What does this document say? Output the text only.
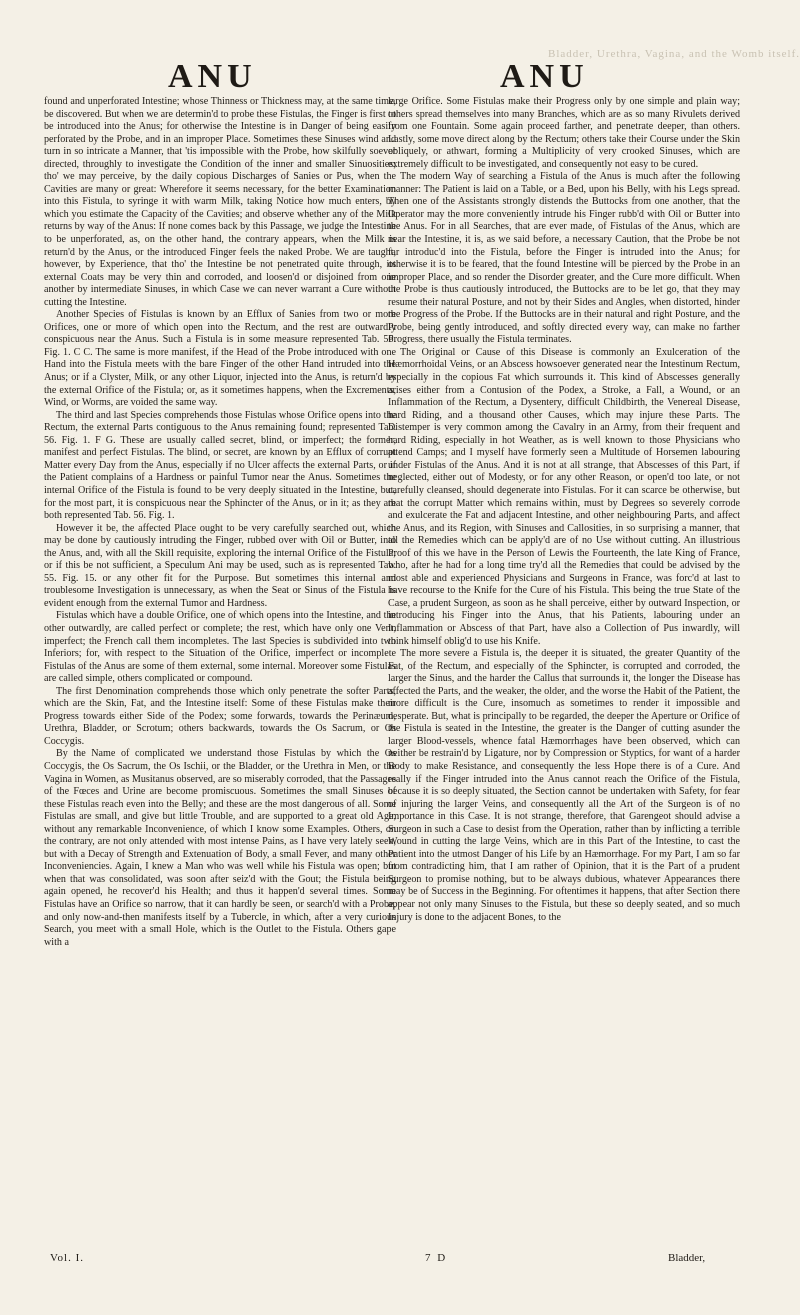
Bladder, Urethra, Vagina, and the Womb itself.
ANU	ANU

found and unperforated Intestine; whose Thinness or Thickness may, at the same time, be discovered. But when we are determin'd to probe these Fistulas, the Finger is first to be introduced into the Anus; for otherwise the Intestine is in Danger of being easily perforated by the Probe, and in an improper Place. Sometimes these Sinuses wind and turn in so intricate a Manner, that 'tis impossible with the Probe, how skilfully soever directed, throughly to investigate the Condition of the inner and smaller Sinuosities; tho' we may perceive, by the daily copious Discharges of Sanies or Pus, when the Cavities are many or great: Wherefore it seems necessary, for the better Examination into this Fistula, to syringe it with warm Milk, taking Notice how much enters, by which you estimate the Capacity of the Cavities; and observe whether any of the Milk returns by way of the Anus: If none comes back by this Passage, we judge the Intestine to be unperforated, as, on the other hand, the contrary appears, when the Milk is return'd by the Anus, or the introduced Finger feels the naked Probe. We are taught, however, by Experience, that tho' the Intestine be not penetrated quite through, its external Coats may be very thin and corroded, and loosen'd or disjoined from one another by intermediate Sinuses, in which Case we can never warrant a Cure without cutting the Intestine.

Another Species of Fistulas is known by an Efflux of Sanies from two or more Orifices, one or more of which open into the Rectum, and the rest are outwardly conspicuous near the Anus. Such a Fistula is in some measure represented Tab. 56. Fig. 1. C C. The same is more manifest, if the Head of the Probe introduced with one Hand into the Fistula meets with the bare Finger of the other Hand intruded into the Anus; or if a Clyster, Milk, or any other Liquor, injected into the Anus, is return'd by the external Orifice of the Fistula; or, as it sometimes happens, when the Excrements, Wind, or Worms, are voided the same way.

The third and last Species comprehends those Fistulas whose Orifice opens into the Rectum, the external Parts contiguous to the Anus remaining found; represented Tab. 56. Fig. 1. F G. These are usually called secret, blind, or imperfect; the former, manifest and perfect Fistulas. The blind, or secret, are known by an Efflux of corrupt Matter every Day from the Anus, especially if no Ulcer affects the external Parts, or if the Patient complains of a Hardness or painful Tumor near the Anus. Sometimes the internal Orifice of the Fistula is found to be very deeply situated in the Intestine, but, for the most part, it is conspicuous near the Sphincter of the Anus, or in it; as they are both represented Tab. 56. Fig. 1.

However it be, the affected Place ought to be very carefully searched out, which may be done by cautiously intruding the Finger, rubbed over with Oil or Butter, into the Anus, and, with all the Skill requisite, exploring the internal Orifice of the Fistula; or if this be not sufficient, a Speculum Ani may be used, such as is represented Tab. 55. Fig. 15. or any other fit for the Purpose. But sometimes this internal and troublesome Investigation is unnecessary, as when the Seat or Sinus of the Fistula is evident enough from the external Tumor and Hardness.

Fistulas which have a double Orifice, one of which opens into the Intestine, and the other outwardly, are called perfect or complete; the rest, which have only one Vent, imperfect; the French call them incompletes. The last Species is subdivided into two Inferiors; for, with respect to the Situation of the Orifice, imperfect or incomplete Fistulas of the Anus are some of them external, some internal. Moreover some Fistulas are called simple, others complicated or compound.

The first Denomination comprehends those which only penetrate the softer Parts, which are the Skin, Fat, and the Intestine itself: Some of these Fistulas make their Progress towards either Side of the Podex; some forwards, towards the Perinæum, Urethra, Bladder, or Scrotum; others backwards, towards the Os Sacrum, or Os Coccygis.

By the Name of complicated we understand those Fistulas by which the Os Coccygis, the Os Sacrum, the Os Ischii, or the Bladder, or the Urethra in Men, or the Vagina in Women, as Musitanus observed, are so miserably corroded, that the Passages of the Fœces and Urine are become promiscuous. Sometimes the small Sinuses of these Fistulas reach even into the Belly; and these are the most dangerous of all. Some Fistulas are small, and give but little Trouble, and are supported to a great old Age, without any remarkable Inconvenience, of which I know some Examples. Others, on the contrary, are not only attended with most intense Pains, as I have very lately seen, but with a Decay of Strength and Extenuation of Body, a small Fever, and many other Inconveniencies. Again, I knew a Man who was well while his Fistula was open; but when that was consolidated, was soon after seiz'd with the Gout; the Fistula being again opened, he recover'd his Health; and thus it happen'd several times. Some Fistulas have an Orifice so narrow, that it can hardly be seen, or search'd with a Probe, and only now-and-then manifests itself by a Tubercle, in which, after a very curious Search, you meet with a small Hole, which is the Outlet to the Fistula. Others gape with a

large Orifice. Some Fistulas make their Progress only by one simple and plain way; others spread themselves into many Branches, which are as so many Rivulets derived from one Fountain. Some again proceed farther, and penetrate deeper, than others. Lastly, some move direct along by the Rectum; others take their Course under the Skin obliquely, or athwart, forming a Multiplicity of very crooked Sinuses, which are extremely difficult to be investigated, and consequently not easy to be cured.

The modern Way of searching a Fistula of the Anus is much after the following manner: The Patient is laid on a Table, or a Bed, upon his Belly, with his Legs spread. Then one of the Assistants strongly distends the Buttocks from one another, that the Operator may the more conveniently intrude his Finger rubb'd with Oil or Butter into the Anus. For in all Searches, that are ever made, of Fistulas of the Anus, which are near the Intestine, it is, as we said before, a necessary Caution, that the Probe be not far introduc'd into the Fistula, before the Finger is intruded into the Anus; for otherwise it is to be feared, that the found Intestine will be pierced by the Probe in an improper Place, and so render the Disorder greater, and the Cure more difficult. When the Probe is thus cautiously introduced, the Buttocks are to be let go, that they may resume their natural Posture, and not by their Sides and Angles, when distorted, hinder the Progress of the Probe. If the Buttocks are in their natural and right Posture, and the Probe, being gently introduced, and softly directed every way, can make no farther Progress, there usually the Fistula terminates.

The Original or Cause of this Disease is commonly an Exulceration of the Hæmorrhoidal Veins, or an Abscess howsoever generated near the Intestinum Rectum, especially in the copious Fat which surrounds it. This kind of Abscesses generally arises either from a Contusion of the Podex, a Stroke, a Fall, a Wound, or an Inflammation of the Rectum, a Dysentery, difficult Childbirth, the Venereal Disease, hard Riding, and a thousand other Causes, which may injure these Parts. The Distemper is very common among the Cavalry in an Army, from their frequent and hard Riding, especially in hot Weather, as is well known to those Physicians who attend Camps; and I myself have formerly seen a Multitude of Horsemen labouring under Fistulas of the Anus. And it is not at all strange, that Abscesses of this Part, if neglected, either out of Modesty, or for any other Reason, or open'd too late, or not carefully cleansed, should degenerate into Fistulas. For it can scarce be otherwise, but that the corrupt Matter which remains within, must by Degrees so severely corrode and exulcerate the Fat and adjacent Intestine, and other neighbouring Parts, and affect the Anus, and its Region, with Sinuses and Callosities, in so surprising a manner, that all the Remedies which can be apply'd are of no Use without cutting. An illustrious Proof of this we have in the Person of Lewis the Fourteenth, the late King of France, who, after he had for a long time try'd all the Remedies that could be advised by the most able and experienced Physicians and Surgeons in France, was forc'd at last to have recourse to the Knife for the Cure of his Fistula. This being the true State of the Case, a prudent Surgeon, as soon as he shall perceive, either by outward Inspection, or introducing his Finger into the Anus, that his Patients, labouring under an Inflammation or Abscess of that Part, have also a Collection of Pus inwardly, will think himself oblig'd to use his Knife.

The more severe a Fistula is, the deeper it is situated, the greater Quantity of the Fat, of the Rectum, and especially of the Sphincter, is corrupted and corroded, the larger the Sinus, and the harder the Callus that surrounds it, the longer the Disease has affected the Parts, and the weaker, the older, and the worse the Habit of the Patient, the more difficult is the Cure, insomuch as sometimes to render it impossible and desperate. But, what is principally to be regarded, the deeper the Aperture or Orifice of the Fistula is seated in the Intestine, the greater is the Danger of cutting asunder the larger Blood-vessels, whence fatal Hæmorrhages have been observed, which can neither be restrain'd by Ligature, nor by Compression or Styptics, for want of a harder Body to make Resistance, and consequently the less Hope there is of a Cure. And really if the Finger intruded into the Anus cannot reach the Orifice of the Fistula, because it is so deeply situated, the Section cannot be undertaken with Safety, for fear of injuring the larger Veins, and consequently all the Art of the Surgeon is of no Importance in this Case. It is not strange, therefore, that Garengeot should advise a Surgeon in such a Case to desist from the Operation, rather than by inflicting a terrible Wound in cutting the large Veins, which are in this Part of the Intestine, to cast the Patient into the utmost Danger of his Life by an Hæmorrhage. For my Part, I am so far from contradicting him, that I am rather of Opinion, that it is the Part of a prudent Surgeon to promise nothing, but to be always dubious, whatever Appearances there may be of Success in the Beginning. For oftentimes it happens, that after Section there appear not only many Sinuses to the Fistula, but these so deeply seated, and so much Injury is done to the adjacent Bones, to the

Vol. I.	7 D	Bladder,
